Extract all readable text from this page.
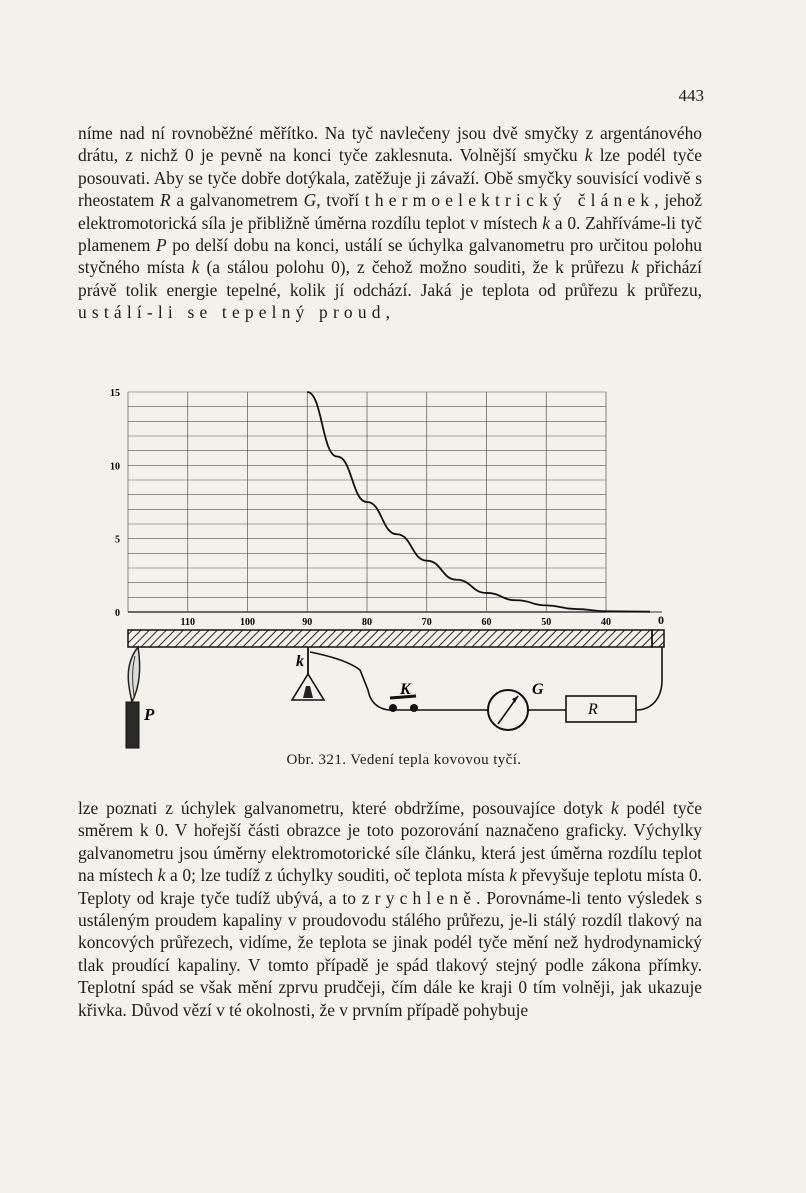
443

níme nad ní rovnoběžné měřítko. Na tyč navlečeny jsou dvě smyčky z argentánového drátu, z nichž 0 je pevně na konci tyče zaklesnuta. Volnější smyčku k lze podél tyče posouvati. Aby se tyče dobře dotýkala, zatěžuje ji závaží. Obě smyčky souvisící vodivě s rheostatem R a galvanometrem G, tvoří thermoelektrický článek, jehož elektromotorická síla je přibližně úměrna rozdílu teplot v místech k a 0. Zahříváme-li tyč plamenem P po delší dobu na konci, ustálí se úchylka galvanometru pro určitou polohu styčného místa k (a stálou polohu 0), z čehož možno souditi, že k průřezu k přichází právě tolik energie tepelné, kolik jí odchází. Jaká je teplota od průřezu k průřezu, ustálí-li se tepelný proud,

110	100	90	80	70	60	50	40
0
5
10
15
P
k
K	G
R
0
Obr. 321. Vedení tepla kovovou tyčí.

lze poznati z úchylek galvanometru, které obdržíme, posouvajíce dotyk k podél tyče směrem k 0. V hořejší části obrazce je toto pozorování naznačeno graficky. Výchylky galvanometru jsou úměrny elektromotorické síle článku, která jest úměrna rozdílu teplot na místech k a 0; lze tudíž z úchylky souditi, oč teplota místa k převyšuje teplotu místa 0. Teploty od kraje tyče tudíž ubývá, a to zrychleně. Porovnáme-li tento výsledek s ustáleným proudem kapaliny v proudovodu stálého průřezu, je-li stálý rozdíl tlakový na koncových průřezech, vidíme, že teplota se jinak podél tyče mění než hydrodynamický tlak proudící kapaliny. V tomto případě je spád tlakový stejný podle zákona přímky. Teplotní spád se však mění zprvu prudčeji, čím dále ke kraji 0 tím volněji, jak ukazuje křivka. Důvod vězí v té okolnosti, že v prvním případě pohybuje
